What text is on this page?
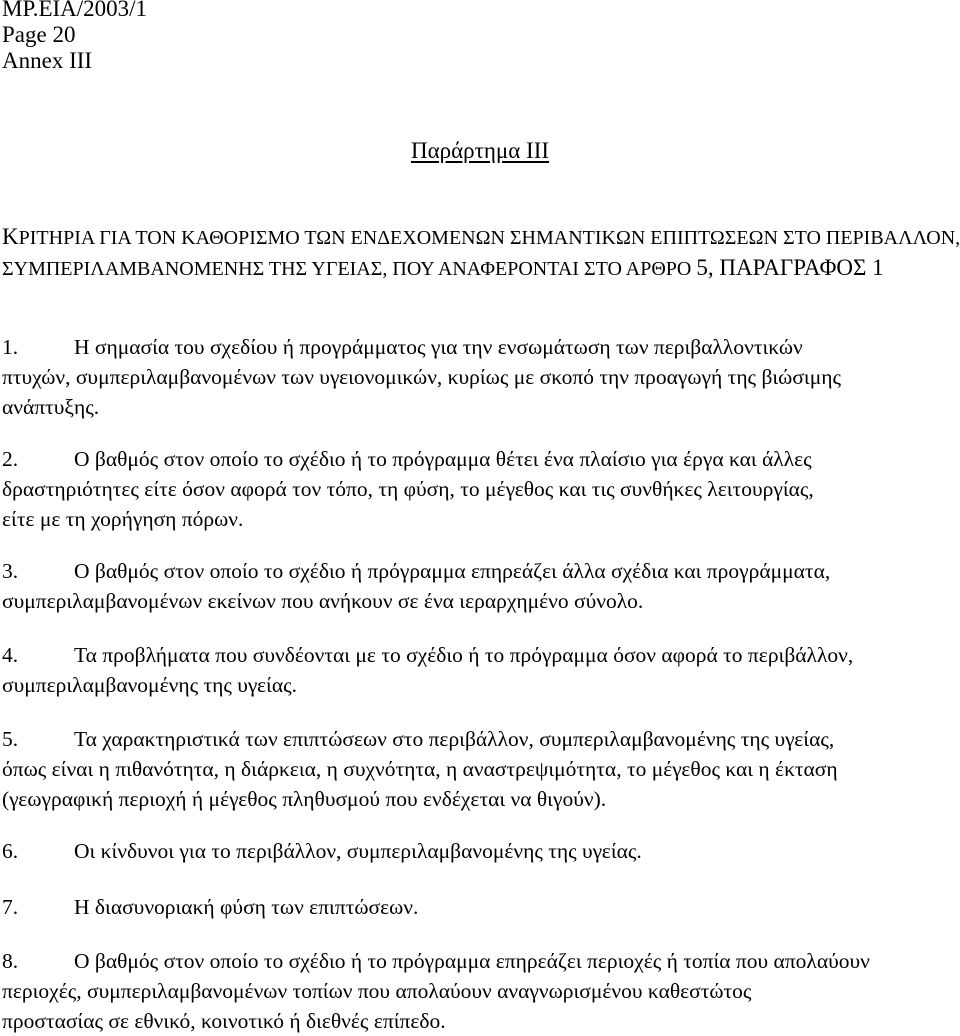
MP.EIA/2003/1
Page 20
Annex III
Παράρτημα ΙΙΙ
ΚΡΙΤΗΡΙΑ ΓΙΑ ΤΟΝ ΚΑΘΟΡΙΣΜΟ ΤΩΝ ΕΝΔΕΧΟΜΕΝΩΝ ΣΗΜΑΝΤΙΚΩΝ ΕΠΙΠΤΩΣΕΩΝ ΣΤΟ ΠΕΡΙΒΑΛΛΟΝ,
ΣΥΜΠΕΡΙΛΑΜΒΑΝΟΜΕΝΗΣ ΤΗΣ ΥΓΕΙΑΣ, ΠΟΥ ΑΝΑΦΕΡΟΝΤΑΙ ΣΤΟ ΑΡΘΡΟ 5, ΠΑΡΑΓΡΑΦΟΣ 1
1.	Η σημασία του σχεδίου ή προγράμματος για την ενσωμάτωση των περιβαλλοντικών
πτυχών, συμπεριλαμβανομένων των υγειονομικών, κυρίως με σκοπό την προαγωγή της βιώσιμης
ανάπτυξης.
2.	Ο βαθμός στον οποίο το σχέδιο ή το πρόγραμμα θέτει ένα πλαίσιο για έργα και άλλες
δραστηριότητες είτε όσον αφορά τον τόπο, τη φύση, το μέγεθος και τις συνθήκες λειτουργίας,
είτε με τη χορήγηση πόρων.
3.	Ο βαθμός στον οποίο το σχέδιο ή πρόγραμμα επηρεάζει άλλα σχέδια και προγράμματα,
συμπεριλαμβανομένων εκείνων που ανήκουν σε ένα ιεραρχημένο σύνολο.
4.	Τα προβλήματα που συνδέονται με το σχέδιο ή το πρόγραμμα όσον αφορά το περιβάλλον,
συμπεριλαμβανομένης της υγείας.
5.	Τα χαρακτηριστικά των επιπτώσεων στο περιβάλλον, συμπεριλαμβανομένης της υγείας,
όπως είναι η πιθανότητα, η διάρκεια, η συχνότητα, η αναστρεψιμότητα, το μέγεθος και η έκταση
(γεωγραφική περιοχή ή μέγεθος πληθυσμού που ενδέχεται να θιγούν).
6.	Οι κίνδυνοι για το περιβάλλον, συμπεριλαμβανομένης της υγείας.
7.	Η διασυνοριακή φύση των επιπτώσεων.
8.	Ο βαθμός στον οποίο το σχέδιο ή το πρόγραμμα επηρεάζει περιοχές ή τοπία που απολαύουν
περιοχές, συμπεριλαμβανομένων τοπίων που απολαύουν αναγνωρισμένου καθεστώτος
προστασίας σε εθνικό, κοινοτικό ή διεθνές επίπεδο.
